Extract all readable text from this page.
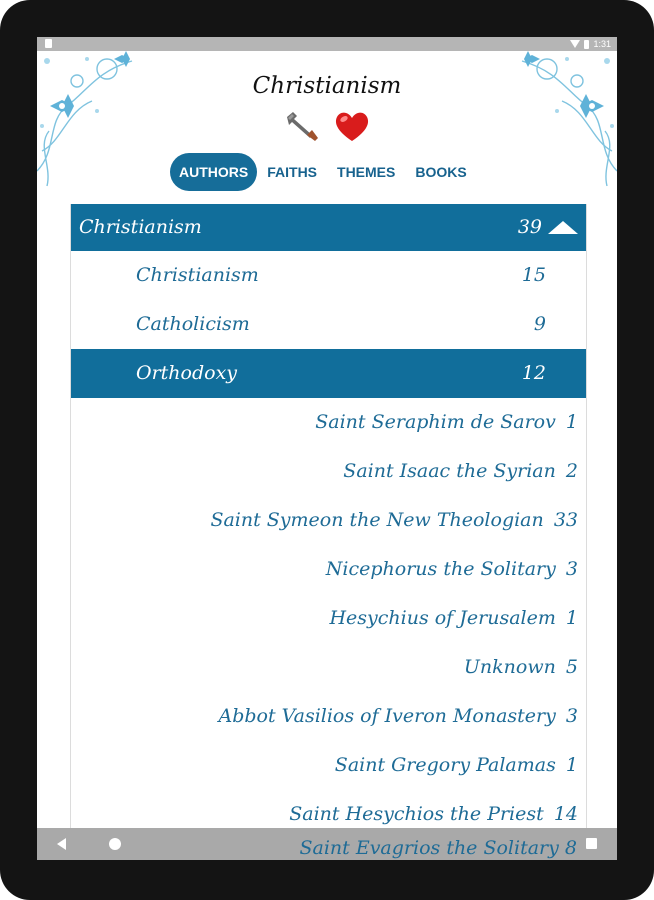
1:31
Christianism
AUTHORS	FAITHS	THEMES	BOOKS
Christianism	39
Christianism	15
Catholicism	9
Orthodoxy	12
Saint Seraphim de Sarov 1
Saint Isaac the Syrian 2
Saint Symeon the New Theologian 33
Nicephorus the Solitary 3
Hesychius of Jerusalem 1
Unknown 5
Abbot Vasilios of Iveron Monastery 3
Saint Gregory Palamas 1
Saint Hesychios the Priest 14
Saint Evagrios the Solitary 8
